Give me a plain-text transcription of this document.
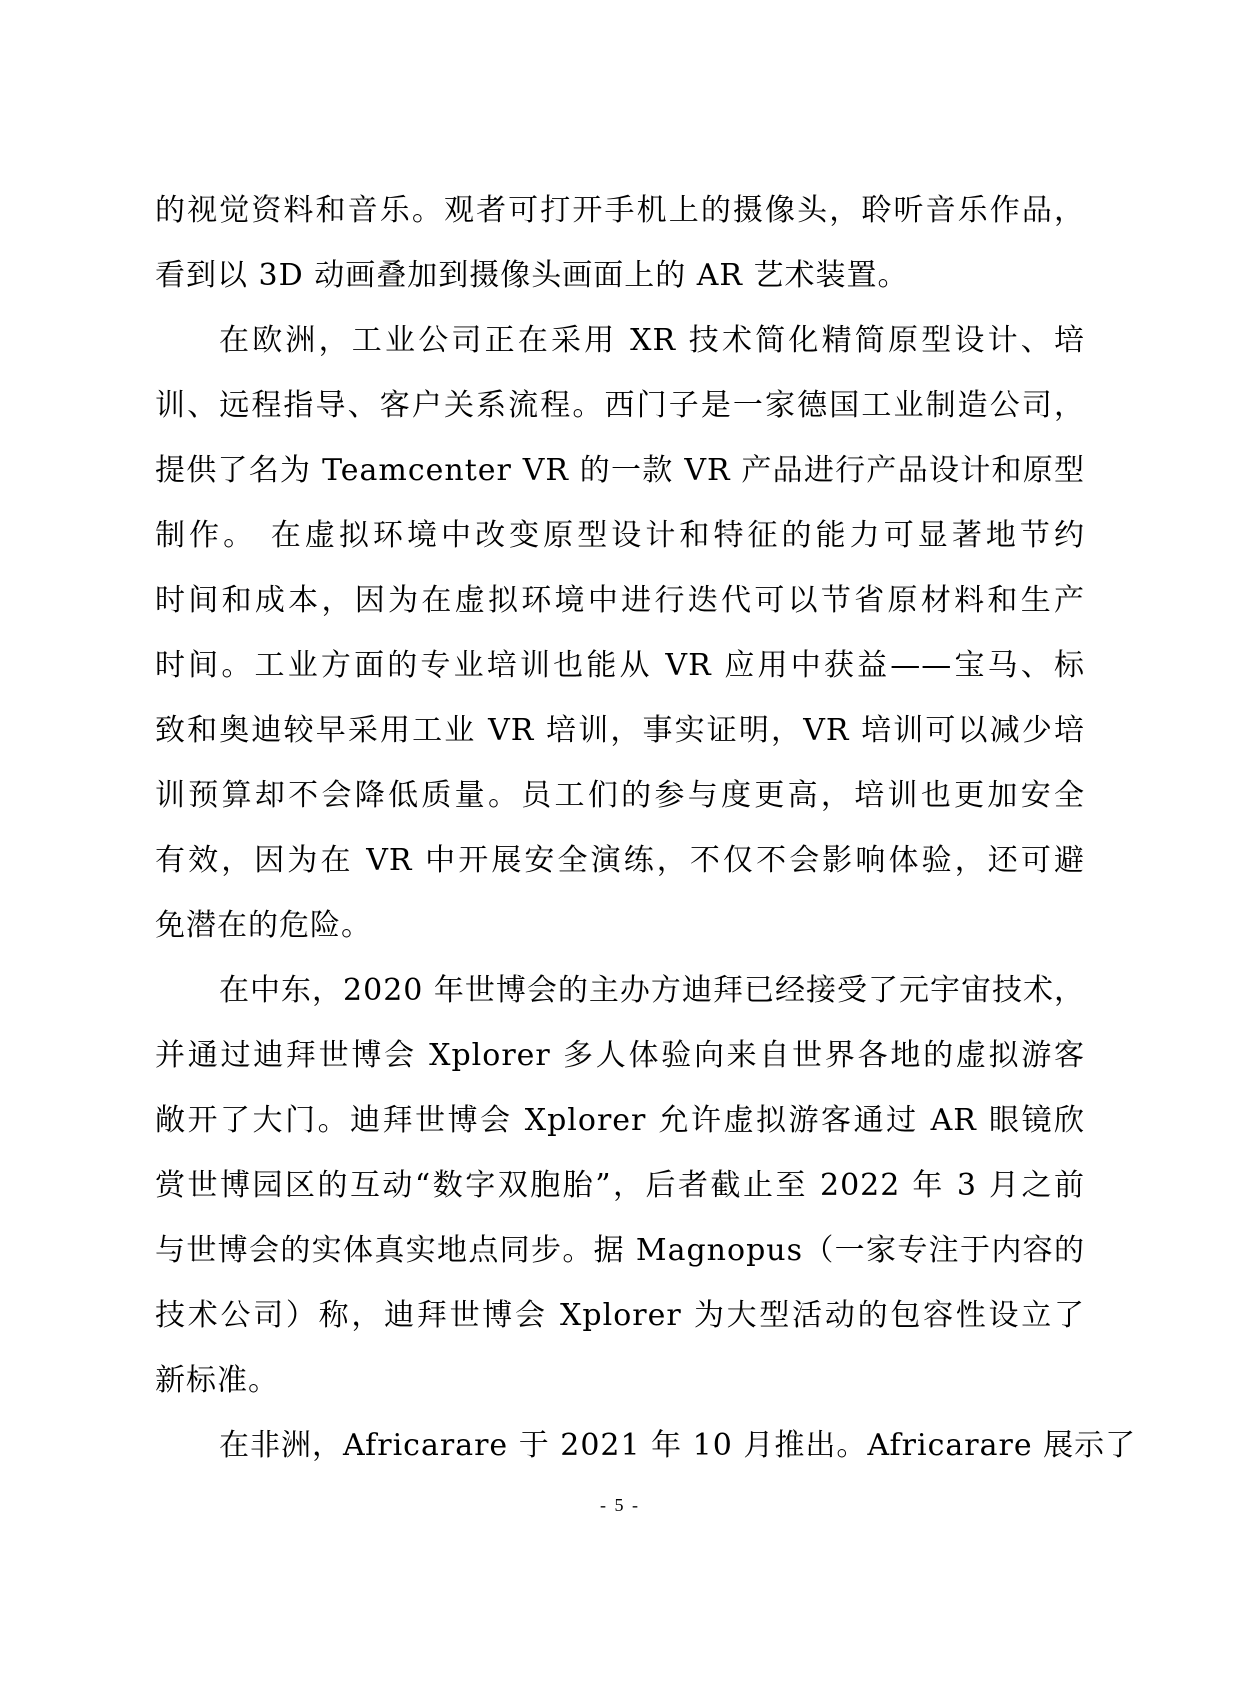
的视觉资料和音乐。观者可打开手机上的摄像头，聆听音乐作品，
看到以 3D 动画叠加到摄像头画面上的 AR 艺术装置。
在欧洲，工业公司正在采用 XR 技术简化精简原型设计、培
训、远程指导、客户关系流程。西门子是一家德国工业制造公司，
提供了名为 Teamcenter VR 的一款 VR 产品进行产品设计和原型
制作。 在虚拟环境中改变原型设计和特征的能力可显著地节约
时间和成本，因为在虚拟环境中进行迭代可以节省原材料和生产
时间。工业方面的专业培训也能从 VR 应用中获益——宝马、标
致和奥迪较早采用工业 VR 培训，事实证明，VR 培训可以减少培
训预算却不会降低质量。员工们的参与度更高，培训也更加安全
有效，因为在 VR 中开展安全演练，不仅不会影响体验，还可避
免潜在的危险。
在中东，2020 年世博会的主办方迪拜已经接受了元宇宙技术，
并通过迪拜世博会 Xplorer 多人体验向来自世界各地的虚拟游客
敞开了大门。迪拜世博会 Xplorer 允许虚拟游客通过 AR 眼镜欣
赏世博园区的互动“数字双胞胎”，后者截止至 2022 年 3 月之前
与世博会的实体真实地点同步。据 Magnopus（一家专注于内容的
技术公司）称，迪拜世博会 Xplorer 为大型活动的包容性设立了
新标准。
在非洲，Africarare 于 2021 年 10 月推出。Africarare 展示了
- 5 -
